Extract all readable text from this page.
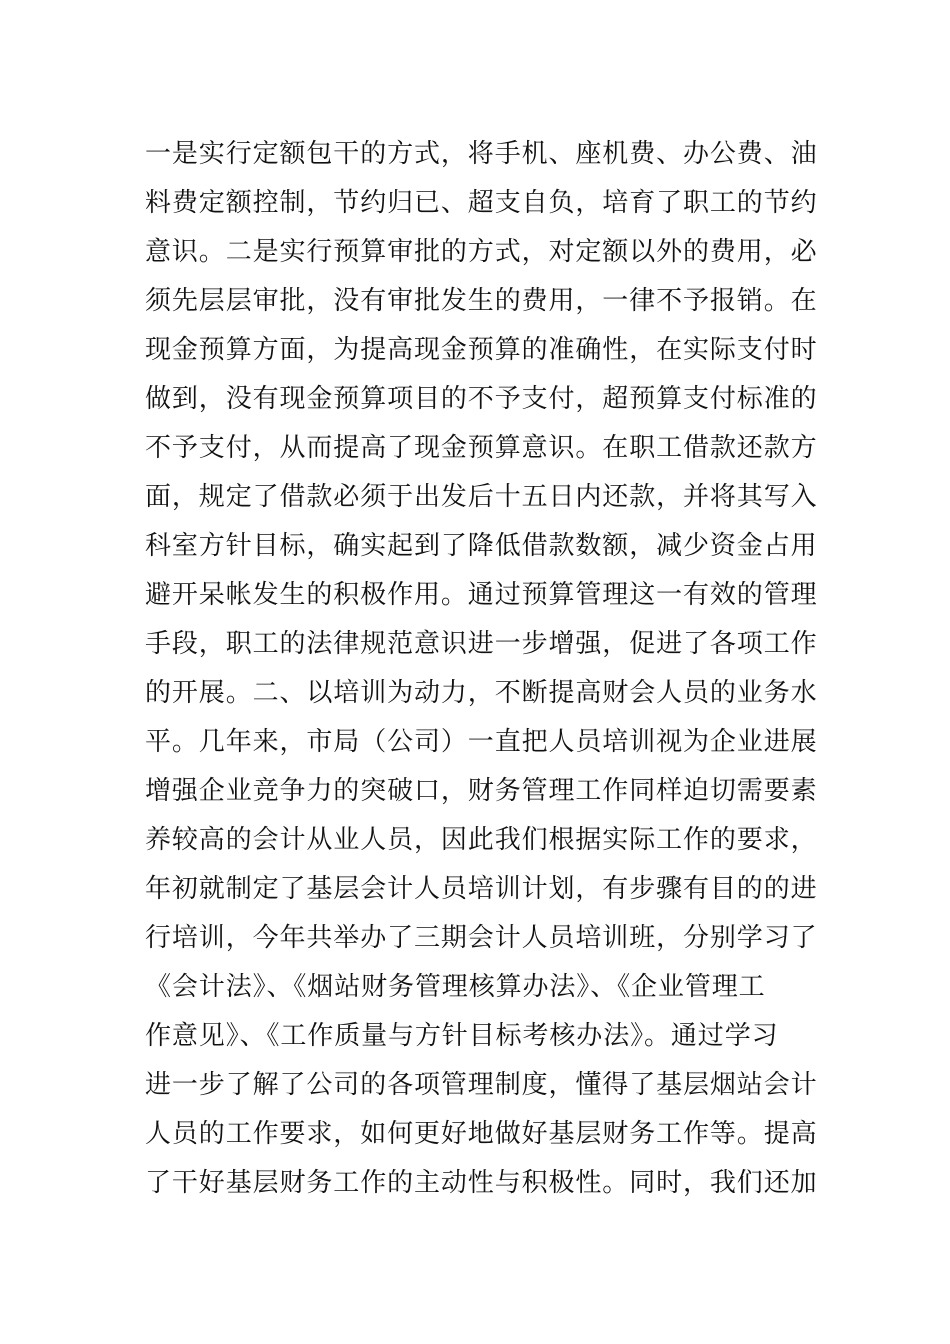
一是实行定额包干的方式，将手机、座机费、办公费、油
料费定额控制，节约归已、超支自负，培育了职工的节约
意识。二是实行预算审批的方式，对定额以外的费用，必
须先层层审批，没有审批发生的费用，一律不予报销。在
现金预算方面，为提高现金预算的准确性，在实际支付时
做到，没有现金预算项目的不予支付，超预算支付标准的
不予支付，从而提高了现金预算意识。在职工借款还款方
面，规定了借款必须于出发后十五日内还款，并将其写入
科室方针目标，确实起到了降低借款数额，减少资金占用
避开呆帐发生的积极作用。通过预算管理这一有效的管理
手段，职工的法律规范意识进一步增强，促进了各项工作
的开展。二、以培训为动力，不断提高财会人员的业务水
平。几年来，市局（公司）一直把人员培训视为企业进展
增强企业竞争力的突破口，财务管理工作同样迫切需要素
养较高的会计从业人员，因此我们根据实际工作的要求，
年初就制定了基层会计人员培训计划，有步骤有目的的进
行培训，今年共举办了三期会计人员培训班，分别学习了
《会计法》、《烟站财务管理核算办法》、《企业管理工
作意见》、《工作质量与方针目标考核办法》。通过学习
进一步了解了公司的各项管理制度，懂得了基层烟站会计
人员的工作要求，如何更好地做好基层财务工作等。提高
了干好基层财务工作的主动性与积极性。同时，我们还加
